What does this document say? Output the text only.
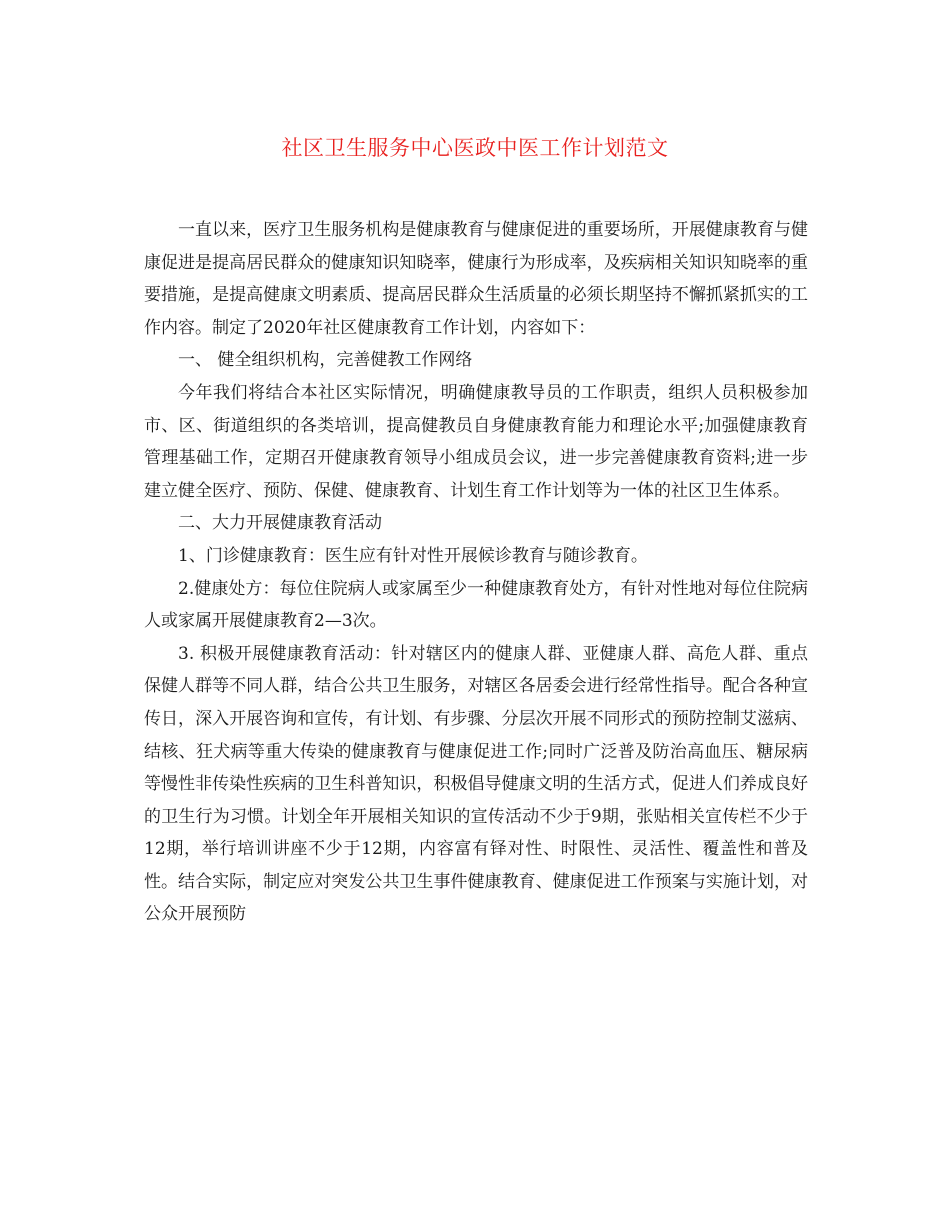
社区卫生服务中心医政中医工作计划范文

一直以来，医疗卫生服务机构是健康教育与健康促进的重要场所，开展健康教育与健康促进是提高居民群众的健康知识知晓率，健康行为形成率，及疾病相关知识知晓率的重要措施，是提高健康文明素质、提高居民群众生活质量的必须长期坚持不懈抓紧抓实的工作内容。制定了2020年社区健康教育工作计划，内容如下：

一、 健全组织机构，完善健教工作网络

今年我们将结合本社区实际情况，明确健康教导员的工作职责，组织人员积极参加市、区、街道组织的各类培训，提高健教员自身健康教育能力和理论水平;加强健康教育管理基础工作，定期召开健康教育领导小组成员会议，进一步完善健康教育资料;进一步建立健全医疗、预防、保健、健康教育、计划生育工作计划等为一体的社区卫生体系。

二、大力开展健康教育活动

1、门诊健康教育：医生应有针对性开展候诊教育与随诊教育。

2.健康处方：每位住院病人或家属至少一种健康教育处方，有针对性地对每位住院病人或家属开展健康教育2—3次。

3. 积极开展健康教育活动：针对辖区内的健康人群、亚健康人群、高危人群、重点保健人群等不同人群，结合公共卫生服务，对辖区各居委会进行经常性指导。配合各种宣传日，深入开展咨询和宣传，有计划、有步骤、分层次开展不同形式的预防控制艾滋病、结核、狂犬病等重大传染的健康教育与健康促进工作;同时广泛普及防治高血压、糖尿病等慢性非传染性疾病的卫生科普知识，积极倡导健康文明的生活方式，促进人们养成良好的卫生行为习惯。计划全年开展相关知识的宣传活动不少于9期，张贴相关宣传栏不少于12期，举行培训讲座不少于12期，内容富有铎对性、时限性、灵活性、覆盖性和普及性。结合实际，制定应对突发公共卫生事件健康教育、健康促进工作预案与实施计划，对公众开展预防
